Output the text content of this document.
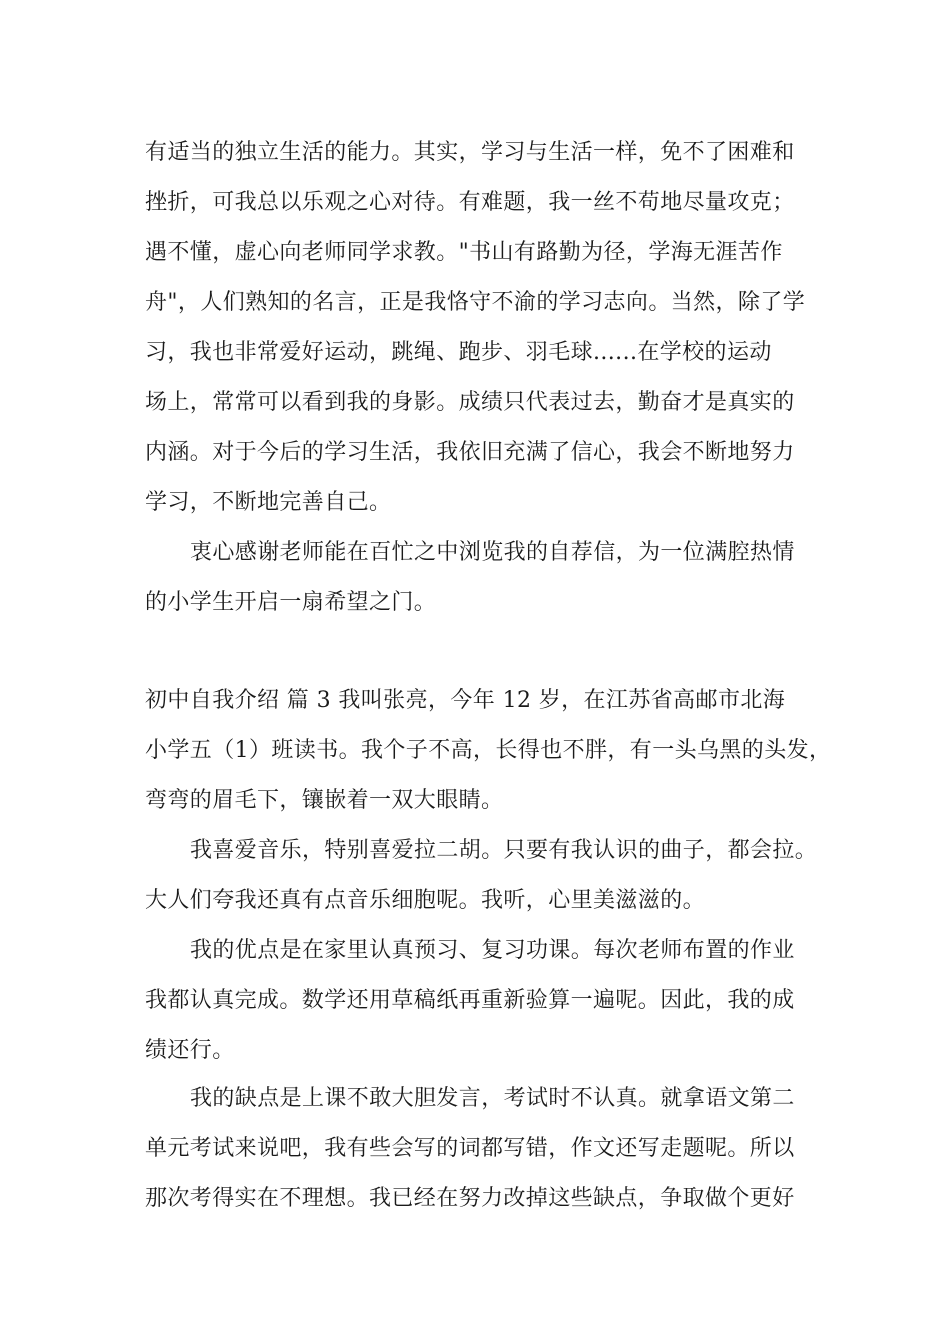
有适当的独立生活的能力。其实，学习与生活一样，免不了困难和
挫折，可我总以乐观之心对待。有难题，我一丝不苟地尽量攻克；
遇不懂，虚心向老师同学求教。"书山有路勤为径，学海无涯苦作
舟"，人们熟知的名言，正是我恪守不渝的学习志向。当然，除了学
习，我也非常爱好运动，跳绳、跑步、羽毛球......在学校的运动
场上，常常可以看到我的身影。成绩只代表过去，勤奋才是真实的
内涵。对于今后的学习生活，我依旧充满了信心，我会不断地努力
学习，不断地完善自己。
衷心感谢老师能在百忙之中浏览我的自荐信，为一位满腔热情
的小学生开启一扇希望之门。
初中自我介绍 篇 3 我叫张亮，今年 12 岁，在江苏省高邮市北海
小学五（1）班读书。我个子不高，长得也不胖，有一头乌黑的头发，
弯弯的眉毛下，镶嵌着一双大眼睛。
我喜爱音乐，特别喜爱拉二胡。只要有我认识的曲子，都会拉。
大人们夸我还真有点音乐细胞呢。我听，心里美滋滋的。
我的优点是在家里认真预习、复习功课。每次老师布置的作业
我都认真完成。数学还用草稿纸再重新验算一遍呢。因此，我的成
绩还行。
我的缺点是上课不敢大胆发言，考试时不认真。就拿语文第二
单元考试来说吧，我有些会写的词都写错，作文还写走题呢。所以
那次考得实在不理想。我已经在努力改掉这些缺点，争取做个更好
